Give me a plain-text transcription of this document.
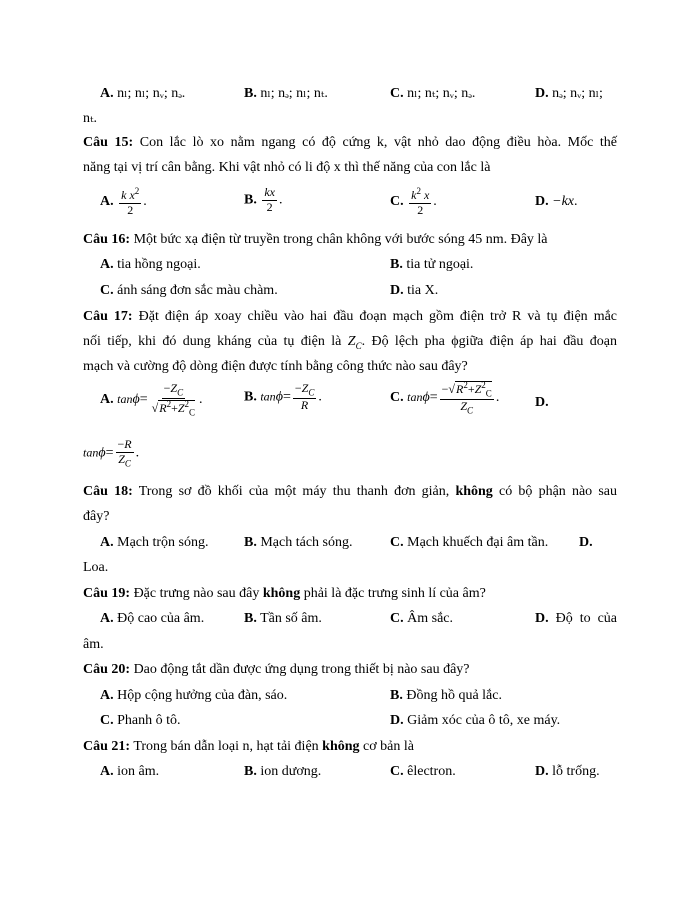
A. nₗ; nₗ; nᵥ; nₔ.	B. nₗ; nₔ; nₗ; nₜ.	C. nₗ; nₜ; nᵥ; nₔ.	D. nₔ; nᵥ; nₗ;
nₜ.
Câu 15: Con lắc lò xo nằm ngang có độ cứng k, vật nhỏ dao động điều hòa. Mốc thế
năng tại vị trí cân bằng. Khi vật nhỏ có li độ x thì thế năng của con lắc là
A. $\frac{k x^2}{2}$ .	B. $\frac{kx}{2}$ .	C. $\frac{k^2 x}{2}$ .	D. −kx.
Câu 16: Một bức xạ điện từ truyền trong chân không với bước sóng 45 nm. Đây là
A. tia hồng ngoại.	B. tia tử ngoại.
C. ánh sáng đơn sắc màu chàm.	D. tia X.
Câu 17: Đặt điện áp xoay chiều vào hai đầu đoạn mạch gồm điện trở R và tụ điện mắc
nối tiếp, khi đó dung kháng của tụ điện là $Z_C$. Độ lệch pha ϕgiữa điện áp hai đầu đoạn
mạch và cường độ dòng điện được tính bằng công thức nào sau đây?
A. $\tan\phi= \frac{-Z_C}{√R^2+Z^2_C}$ .	B. $\tan\phi= \frac{-Z_C}{R}$ .	C. $\tan\phi= \frac{-√R^2+Z^2_C}{Z_C}$ .	D.
$\tan\phi= \frac{-R}{Z_C}$ .
Câu 18: Trong sơ đồ khối của một máy thu thanh đơn giản, không có bộ phận nào sau
đây?
A. Mạch trộn sóng.	B. Mạch tách sóng.	C. Mạch khuếch đại âm tần. D.
Loa.
Câu 19: Đặc trưng nào sau đây không phải là đặc trưng sinh lí của âm?
A. Độ cao của âm.	B. Tần số âm.	C. Âm sắc.	D. Độ to của
âm.
Câu 20: Dao động tắt dần được ứng dụng trong thiết bị nào sau đây?
A. Hộp cộng hưởng của đàn, sáo.	B. Đồng hồ quả lắc.
C. Phanh ô tô.	D. Giảm xóc của ô tô, xe máy.
Câu 21: Trong bán dẫn loại n, hạt tải điện không cơ bản là
A. ion âm.	B. ion dương.	C. êlectron.	D. lỗ trống.
